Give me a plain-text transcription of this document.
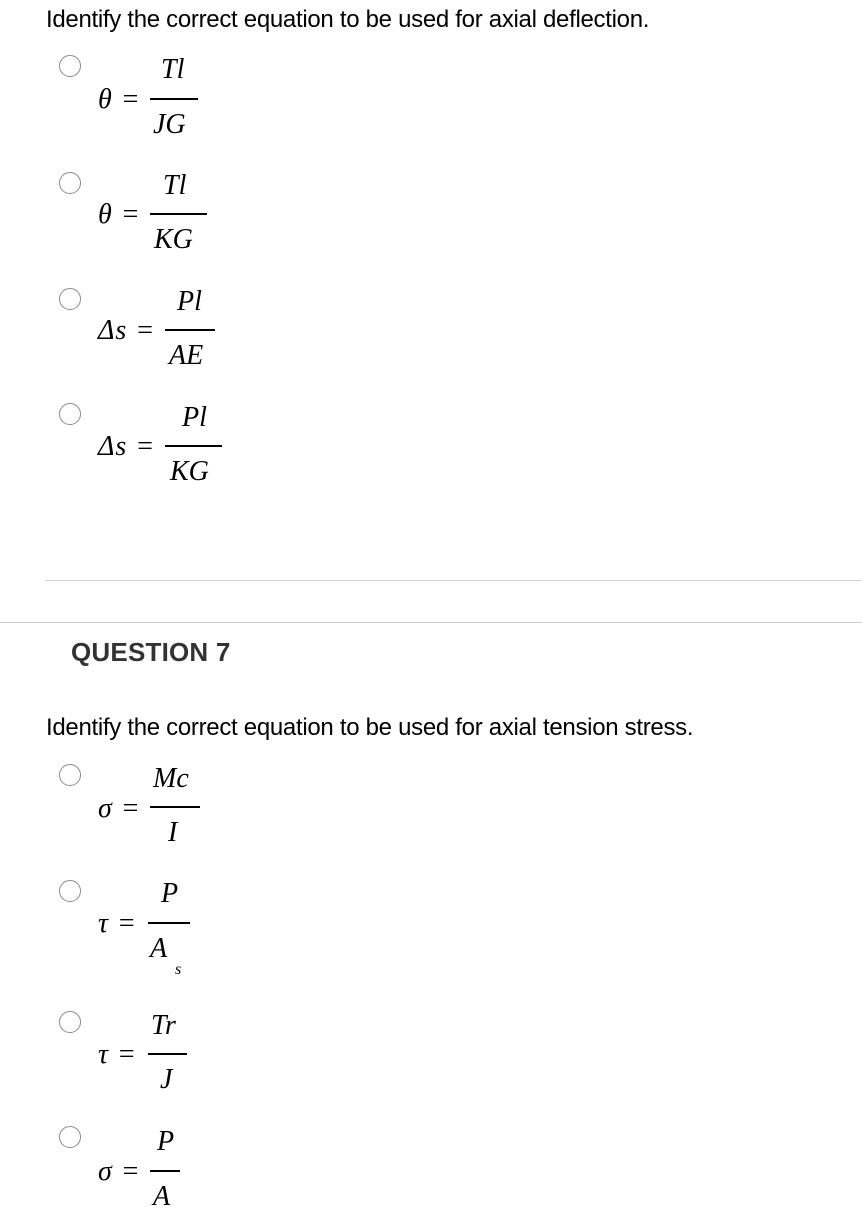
Identify the correct equation to be used for axial deflection.
θ =
Tl
JG
θ =
Tl
KG
Δs =
Pl
AE
Δs =
Pl
KG
QUESTION 7
Identify the correct equation to be used for axial tension stress.
σ =
Mc
I
τ =
P
A
s
τ =
Tr
J
σ =
P
A
